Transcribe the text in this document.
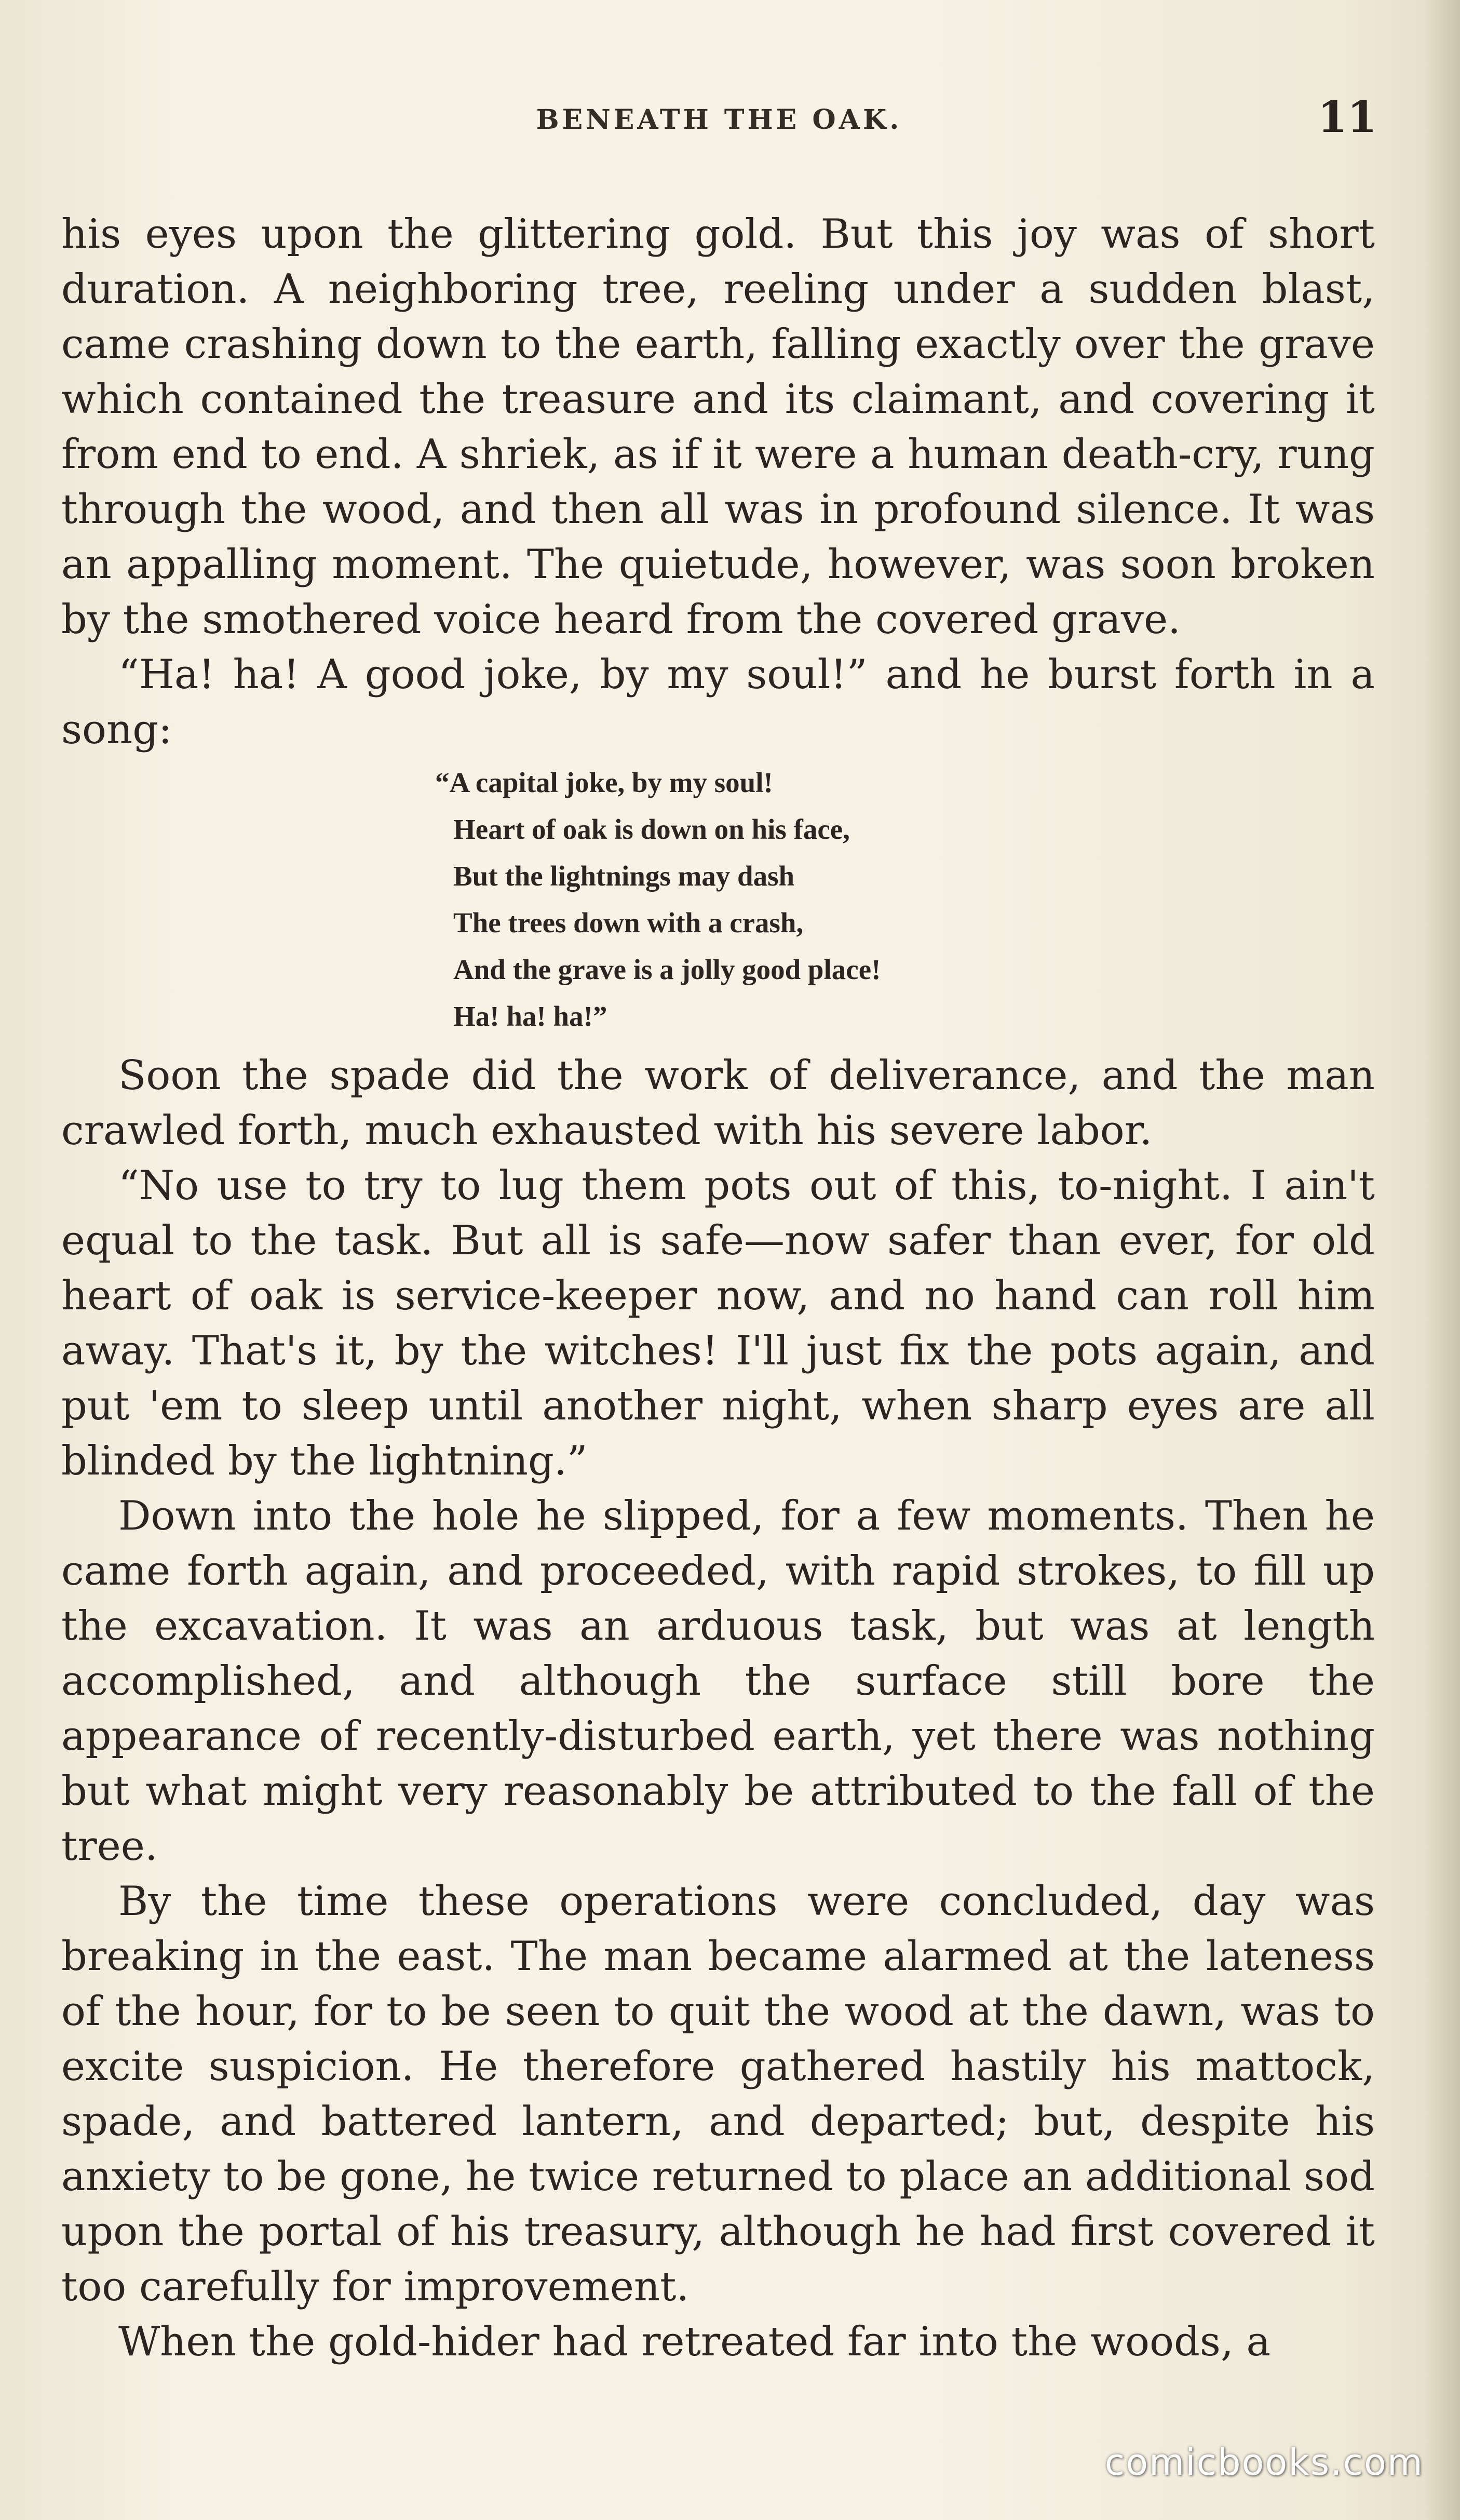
BENEATH THE OAK.	11

his eyes upon the glittering gold. But this joy was of short duration. A neighboring tree, reeling under a sudden blast, came crashing down to the earth, falling exactly over the grave which contained the treasure and its claimant, and covering it from end to end. A shriek, as if it were a human death-cry, rung through the wood, and then all was in profound silence. It was an appalling moment. The quietude, however, was soon broken by the smothered voice heard from the covered grave.

“Ha! ha! A good joke, by my soul!” and he burst forth in a song:

“A capital joke, by my soul!
Heart of oak is down on his face,
But the lightnings may dash
The trees down with a crash,
And the grave is a jolly good place!
Ha! ha! ha!”

Soon the spade did the work of deliverance, and the man crawled forth, much exhausted with his severe labor.

“No use to try to lug them pots out of this, to-night. I ain't equal to the task. But all is safe—now safer than ever, for old heart of oak is service-keeper now, and no hand can roll him away. That's it, by the witches! I'll just fix the pots again, and put 'em to sleep until another night, when sharp eyes are all blinded by the lightning.”

Down into the hole he slipped, for a few moments. Then he came forth again, and proceeded, with rapid strokes, to fill up the excavation. It was an arduous task, but was at length accomplished, and although the surface still bore the appearance of recently-disturbed earth, yet there was nothing but what might very reasonably be attributed to the fall of the tree.

By the time these operations were concluded, day was breaking in the east. The man became alarmed at the lateness of the hour, for to be seen to quit the wood at the dawn, was to excite suspicion. He therefore gathered hastily his mattock, spade, and battered lantern, and departed; but, despite his anxiety to be gone, he twice returned to place an additional sod upon the portal of his treasury, although he had first covered it too carefully for improvement.

When the gold-hider had retreated far into the woods, a

comicbooks.com
